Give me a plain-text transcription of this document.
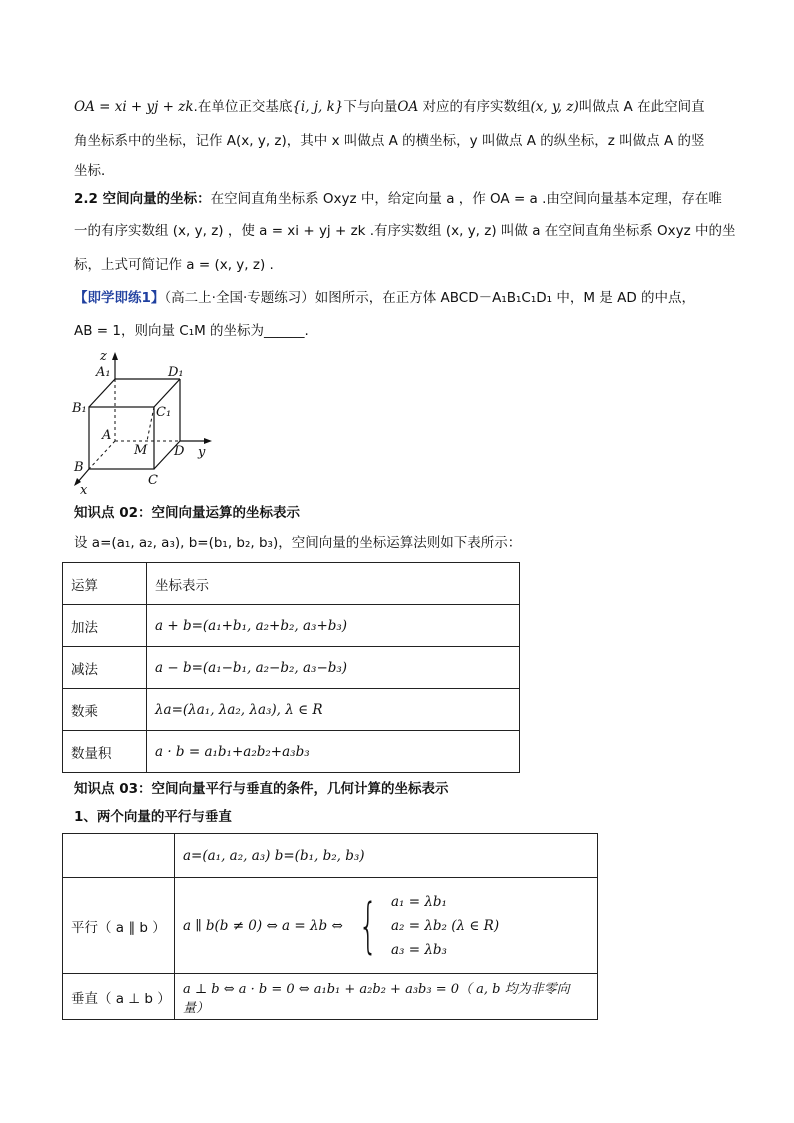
OA = xi + yj + zk.在单位正交基底{i, j, k}下与向量OA 对应的有序实数组(x, y, z)叫做点 A 在此空间直
角坐标系中的坐标，记作 A(x, y, z)，其中 x 叫做点 A 的横坐标，y 叫做点 A 的纵坐标，z 叫做点 A 的竖
坐标．
2.2 空间向量的坐标：在空间直角坐标系 Oxyz 中，给定向量 a ，作 OA = a .由空间向量基本定理，存在唯
一的有序实数组 (x, y, z) ，使 a = xi + yj + zk .有序实数组 (x, y, z) 叫做 a 在空间直角坐标系 Oxyz 中的坐
标，上式可简记作 a = (x, y, z) .
【即学即练1】（高二上·全国·专题练习）如图所示，在正方体 ABCD－A₁B₁C₁D₁ 中，M 是 AD 的中点，
AB = 1，则向量 C₁M 的坐标为______.
z
A₁	D₁
B₁	C₁
A
M D y
B
C
x
知识点 02：空间向量运算的坐标表示
设 a=(a₁, a₂, a₃), b=(b₁, b₂, b₃)，空间向量的坐标运算法则如下表所示：
运算	坐标表示
加法	a + b=(a₁+b₁, a₂+b₂, a₃+b₃)
减法	a − b=(a₁−b₁, a₂−b₂, a₃−b₃)
数乘	λa=(λa₁, λa₂, λa₃), λ ∈ R
数量积	a · b = a₁b₁+a₂b₂+a₃b₃
知识点 03：空间向量平行与垂直的条件，几何计算的坐标表示
1、两个向量的平行与垂直
	a=(a₁, a₂, a₃) b=(b₁, b₂, b₃)
平行（ a ∥ b ）	a ∥ b(b ≠ 0) ⇔ a = λb ⇔ { a₁ = λb₁
a₂ = λb₂ (λ ∈ R)
a₃ = λb₃

垂直（ a ⊥ b ）	a ⊥ b ⇔ a · b = 0 ⇔ a₁b₁ + a₂b₂ + a₃b₃ = 0（ a, b 均为非零向量）
